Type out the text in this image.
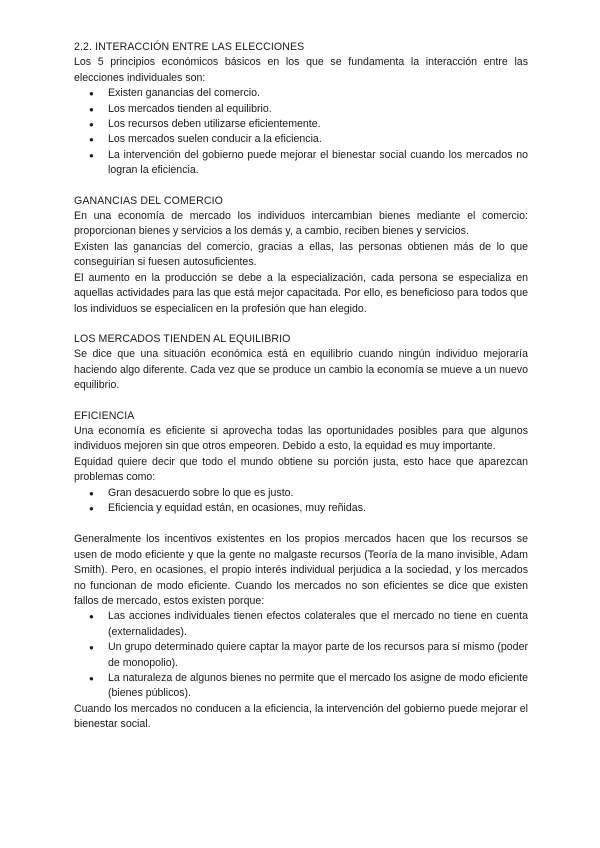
2.2. INTERACCIÓN ENTRE LAS ELECCIONES

Los 5 principios económicos básicos en los que se fundamenta la interacción entre las elecciones individuales son:

● Existen ganancias del comercio.
● Los mercados tienden al equilibrio.
● Los recursos deben utilizarse eficientemente.
● Los mercados suelen conducir a la eficiencia.
● La intervención del gobierno puede mejorar el bienestar social cuando los mercados no logran la eficiencia.
GANANCIAS DEL COMERCIO

En una economía de mercado los individuos intercambian bienes mediante el comercio: proporcionan bienes y servicios a los demás y, a cambio, reciben bienes y servicios.

Existen las ganancias del comercio, gracias a ellas, las personas obtienen más de lo que conseguirían si fuesen autosuficientes.

El aumento en la producción se debe a la especialización, cada persona se especializa en aquellas actividades para las que está mejor capacitada. Por ello, es beneficioso para todos que los individuos se especialicen en la profesión que han elegido.

LOS MERCADOS TIENDEN AL EQUILIBRIO

Se dice que una situación económica está en equilibrio cuando ningún individuo mejoraría haciendo algo diferente. Cada vez que se produce un cambio la economía se mueve a un nuevo equilibrio.

EFICIENCIA

Una economía es eficiente si aprovecha todas las oportunidades posibles para que algunos individuos mejoren sin que otros empeoren. Debido a esto, la equidad es muy importante.

Equidad quiere decir que todo el mundo obtiene su porción justa, esto hace que aparezcan problemas como:

● Gran desacuerdo sobre lo que es justo.
● Eficiencia y equidad están, en ocasiones, muy reñidas.

Generalmente los incentivos existentes en los propios mercados hacen que los recursos se usen de modo eficiente y que la gente no malgaste recursos (Teoría de la mano invisible, Adam Smith). Pero, en ocasiones, el propio interés individual perjudica a la sociedad, y los mercados no funcionan de modo eficiente. Cuando los mercados no son eficientes se dice que existen fallos de mercado, estos existen porque:

● Las acciones individuales tienen efectos colaterales que el mercado no tiene en cuenta (externalidades).
● Un grupo determinado quiere captar la mayor parte de los recursos para sí mismo (poder de monopolio).
● La naturaleza de algunos bienes no permite que el mercado los asigne de modo eficiente (bienes públicos).

Cuando los mercados no conducen a la eficiencia, la intervención del gobierno puede mejorar el bienestar social.
